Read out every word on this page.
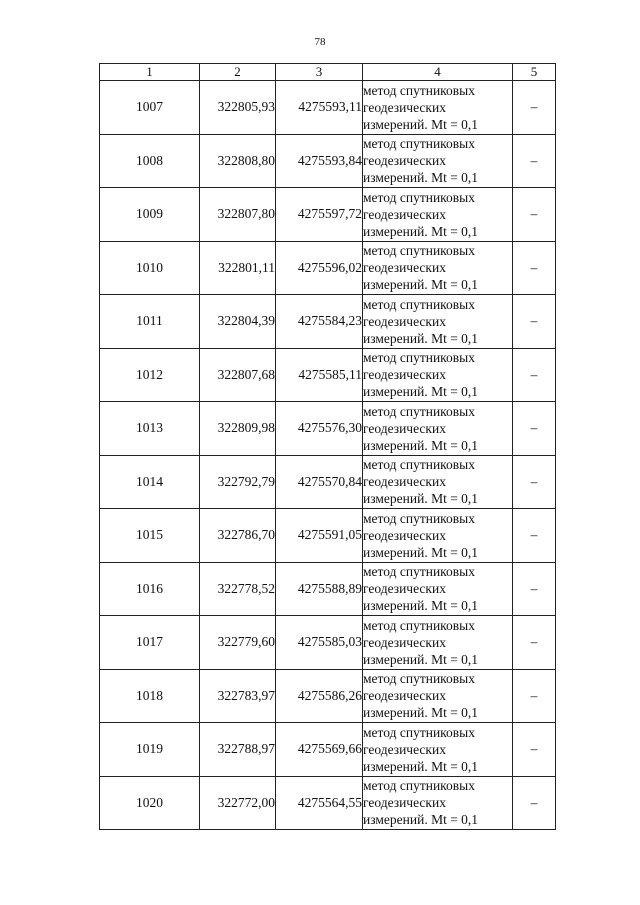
78
1	2	3	4	5
1007	322805,93	4275593,11	метод спутниковых
геодезических
измерений. Mt = 0,1	–
1008	322808,80	4275593,84	метод спутниковых
геодезических
измерений. Mt = 0,1	–
1009	322807,80	4275597,72	метод спутниковых
геодезических
измерений. Mt = 0,1	–
1010	322801,11	4275596,02	метод спутниковых
геодезических
измерений. Mt = 0,1	–
1011	322804,39	4275584,23	метод спутниковых
геодезических
измерений. Mt = 0,1	–
1012	322807,68	4275585,11	метод спутниковых
геодезических
измерений. Mt = 0,1	–
1013	322809,98	4275576,30	метод спутниковых
геодезических
измерений. Mt = 0,1	–
1014	322792,79	4275570,84	метод спутниковых
геодезических
измерений. Mt = 0,1	–
1015	322786,70	4275591,05	метод спутниковых
геодезических
измерений. Mt = 0,1	–
1016	322778,52	4275588,89	метод спутниковых
геодезических
измерений. Mt = 0,1	–
1017	322779,60	4275585,03	метод спутниковых
геодезических
измерений. Mt = 0,1	–
1018	322783,97	4275586,26	метод спутниковых
геодезических
измерений. Mt = 0,1	–
1019	322788,97	4275569,66	метод спутниковых
геодезических
измерений. Mt = 0,1	–
1020	322772,00	4275564,55	метод спутниковых
геодезических
измерений. Mt = 0,1	–
